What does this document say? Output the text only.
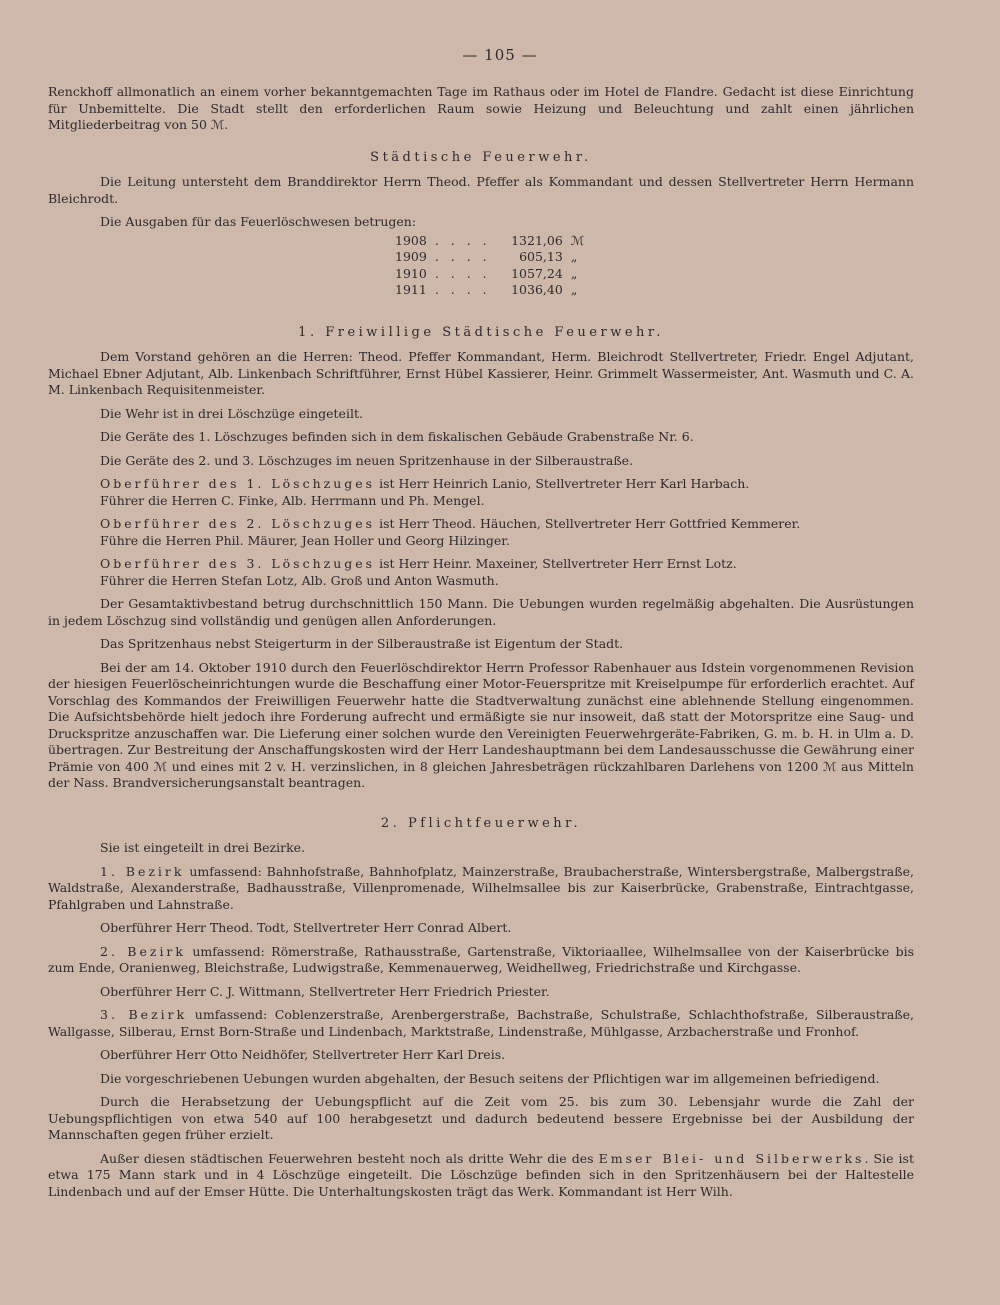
— 105 —

Renckhoff allmonatlich an einem vorher bekanntgemachten Tage im Rathaus oder im Hotel de Flandre. Gedacht ist diese Einrichtung für Unbemittelte. Die Stadt stellt den erforderlichen Raum sowie Heizung und Beleuchtung und zahlt einen jährlichen Mitgliederbeitrag von 50 ℳ.

Städtische Feuerwehr.

Die Leitung untersteht dem Branddirektor Herrn Theod. Pfeffer als Kommandant und dessen Stellvertreter Herrn Hermann Bleichrodt.

Die Ausgaben für das Feuerlöschwesen betrugen:

1908	. . . .	1321,06	ℳ
1909	. . . .	605,13	„
1910	. . . .	1057,24	„
1911	. . . .	1036,40	„
1. Freiwillige Städtische Feuerwehr.

Dem Vorstand gehören an die Herren: Theod. Pfeffer Kommandant, Herm. Bleichrodt Stellvertreter, Friedr. Engel Adjutant, Michael Ebner Adjutant, Alb. Linkenbach Schriftführer, Ernst Hübel Kassierer, Heinr. Grimmelt Wassermeister, Ant. Wasmuth und C. A. M. Linkenbach Requisitenmeister.

Die Wehr ist in drei Löschzüge eingeteilt.

Die Geräte des 1. Löschzuges befinden sich in dem fiskalischen Gebäude Grabenstraße Nr. 6.

Die Geräte des 2. und 3. Löschzuges im neuen Spritzenhause in der Silberaustraße.

Oberführer des 1. Löschzuges ist Herr Heinrich Lanio, Stellvertreter Herr Karl Harbach.

Führer die Herren C. Finke, Alb. Herrmann und Ph. Mengel.

Oberführer des 2. Löschzuges ist Herr Theod. Häuchen, Stellvertreter Herr Gottfried Kemmerer.

Führe die Herren Phil. Mäurer, Jean Holler und Georg Hilzinger.

Oberführer des 3. Löschzuges ist Herr Heinr. Maxeiner, Stellvertreter Herr Ernst Lotz.

Führer die Herren Stefan Lotz, Alb. Groß und Anton Wasmuth.

Der Gesamtaktivbestand betrug durchschnittlich 150 Mann. Die Uebungen wurden regelmäßig abgehalten. Die Ausrüstungen in jedem Löschzug sind vollständig und genügen allen Anforderungen.

Das Spritzenhaus nebst Steigerturm in der Silberaustraße ist Eigentum der Stadt.

Bei der am 14. Oktober 1910 durch den Feuerlöschdirektor Herrn Professor Rabenhauer aus Idstein vorgenommenen Revision der hiesigen Feuerlöscheinrichtungen wurde die Beschaffung einer Motor-Feuerspritze mit Kreiselpumpe für erforderlich erachtet. Auf Vorschlag des Kommandos der Freiwilligen Feuerwehr hatte die Stadtverwaltung zunächst eine ablehnende Stellung eingenommen. Die Aufsichtsbehörde hielt jedoch ihre Forderung aufrecht und ermäßigte sie nur insoweit, daß statt der Motorspritze eine Saug- und Druckspritze anzuschaffen war. Die Lieferung einer solchen wurde den Vereinigten Feuerwehrgeräte-Fabriken, G. m. b. H. in Ulm a. D. übertragen. Zur Bestreitung der Anschaffungskosten wird der Herr Landeshauptmann bei dem Landesausschusse die Gewährung einer Prämie von 400 ℳ und eines mit 2 v. H. verzinslichen, in 8 gleichen Jahresbeträgen rückzahlbaren Darlehens von 1200 ℳ aus Mitteln der Nass. Brandversicherungsanstalt beantragen.

2. Pflichtfeuerwehr.

Sie ist eingeteilt in drei Bezirke.

1. Bezirk umfassend: Bahnhofstraße, Bahnhofplatz, Mainzerstraße, Braubacherstraße, Wintersbergstraße, Malbergstraße, Waldstraße, Alexanderstraße, Badhausstraße, Villenpromenade, Wilhelmsallee bis zur Kaiserbrücke, Grabenstraße, Eintrachtgasse, Pfahlgraben und Lahnstraße.

Oberführer Herr Theod. Todt, Stellvertreter Herr Conrad Albert.

2. Bezirk umfassend: Römerstraße, Rathausstraße, Gartenstraße, Viktoriaallee, Wilhelmsallee von der Kaiserbrücke bis zum Ende, Oranienweg, Bleichstraße, Ludwigstraße, Kemmenauerweg, Weidhellweg, Friedrichstraße und Kirchgasse.

Oberführer Herr C. J. Wittmann, Stellvertreter Herr Friedrich Priester.

3. Bezirk umfassend: Coblenzerstraße, Arenbergerstraße, Bachstraße, Schulstraße, Schlachthofstraße, Silberaustraße, Wallgasse, Silberau, Ernst Born-Straße und Lindenbach, Marktstraße, Lindenstraße, Mühlgasse, Arzbacherstraße und Fronhof.

Oberführer Herr Otto Neidhöfer, Stellvertreter Herr Karl Dreis.

Die vorgeschriebenen Uebungen wurden abgehalten, der Besuch seitens der Pflichtigen war im allgemeinen befriedigend.

Durch die Herabsetzung der Uebungspflicht auf die Zeit vom 25. bis zum 30. Lebensjahr wurde die Zahl der Uebungspflichtigen von etwa 540 auf 100 herabgesetzt und dadurch bedeutend bessere Ergebnisse bei der Ausbildung der Mannschaften gegen früher erzielt.

Außer diesen städtischen Feuerwehren besteht noch als dritte Wehr die des Emser Blei- und Silberwerks. Sie ist etwa 175 Mann stark und in 4 Löschzüge eingeteilt. Die Löschzüge befinden sich in den Spritzenhäusern bei der Haltestelle Lindenbach und auf der Emser Hütte. Die Unterhaltungskosten trägt das Werk. Kommandant ist Herr Wilh.
